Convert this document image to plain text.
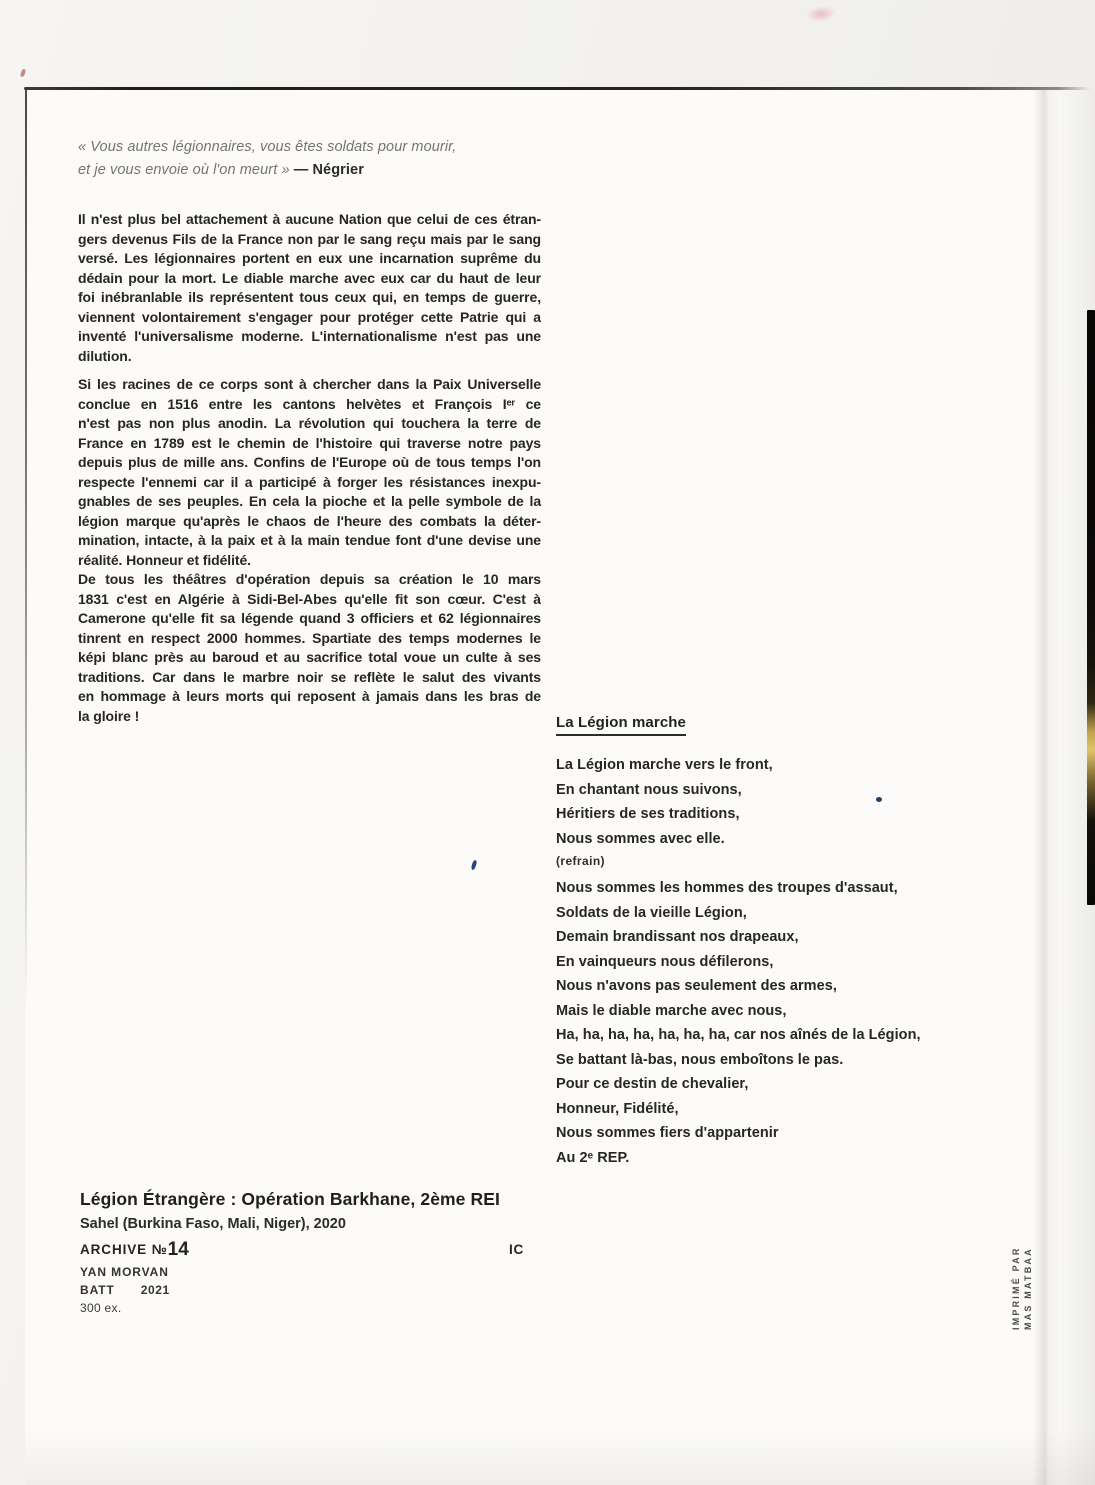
« Vous autres légionnaires, vous êtes soldats pour mourir,
et je vous envoie où l'on meurt » — Négrier
Il n'est plus bel attachement à aucune Nation que celui de ces étran-
gers devenus Fils de la France non par le sang reçu mais par le sang
versé. Les légionnaires portent en eux une incarnation suprême du
dédain pour la mort. Le diable marche avec eux car du haut de leur
foi inébranlable ils représentent tous ceux qui, en temps de guerre,
viennent volontairement s'engager pour protéger cette Patrie qui a
inventé l'universalisme moderne. L'internationalisme n'est pas une
dilution.
Si les racines de ce corps sont à chercher dans la Paix Universelle
conclue en 1516 entre les cantons helvètes et François Iᵉʳ ce
n'est pas non plus anodin. La révolution qui touchera la terre de
France en 1789 est le chemin de l'histoire qui traverse notre pays
depuis plus de mille ans. Confins de l'Europe où de tous temps l'on
respecte l'ennemi car il a participé à forger les résistances inexpu-
gnables de ses peuples. En cela la pioche et la pelle symbole de la
légion marque qu'après le chaos de l'heure des combats la déter-
mination, intacte, à la paix et à la main tendue font d'une devise une
réalité. Honneur et fidélité.
De tous les théâtres d'opération depuis sa création le 10 mars
1831 c'est en Algérie à Sidi-Bel-Abes qu'elle fit son cœur. C'est à
Camerone qu'elle fit sa légende quand 3 officiers et 62 légionnaires
tinrent en respect 2000 hommes. Spartiate des temps modernes le
képi blanc près au baroud et au sacrifice total voue un culte à ses
traditions. Car dans le marbre noir se reflète le salut des vivants
en hommage à leurs morts qui reposent à jamais dans les bras de
la gloire !	La Légion marche
La Légion marche vers le front,
En chantant nous suivons,
Héritiers de ses traditions,
Nous sommes avec elle.
(refrain)
Nous sommes les hommes des troupes d'assaut,
Soldats de la vieille Légion,
Demain brandissant nos drapeaux,
En vainqueurs nous défilerons,
Nous n'avons pas seulement des armes,
Mais le diable marche avec nous,
Ha, ha, ha, ha, ha, ha, ha, car nos aînés de la Légion,
Se battant là-bas, nous emboîtons le pas.
Pour ce destin de chevalier,
Honneur, Fidélité,
Nous sommes fiers d'appartenir
Au 2ᵉ REP.
Légion Étrangère : Opération Barkhane, 2ème REI
Sahel (Burkina Faso, Mali, Niger), 2020
ARCHIVE №14	IC
YAN MORVAN
BATT 2021
300 ex.	IMPRIMÉ PAR MAS MATBAA
